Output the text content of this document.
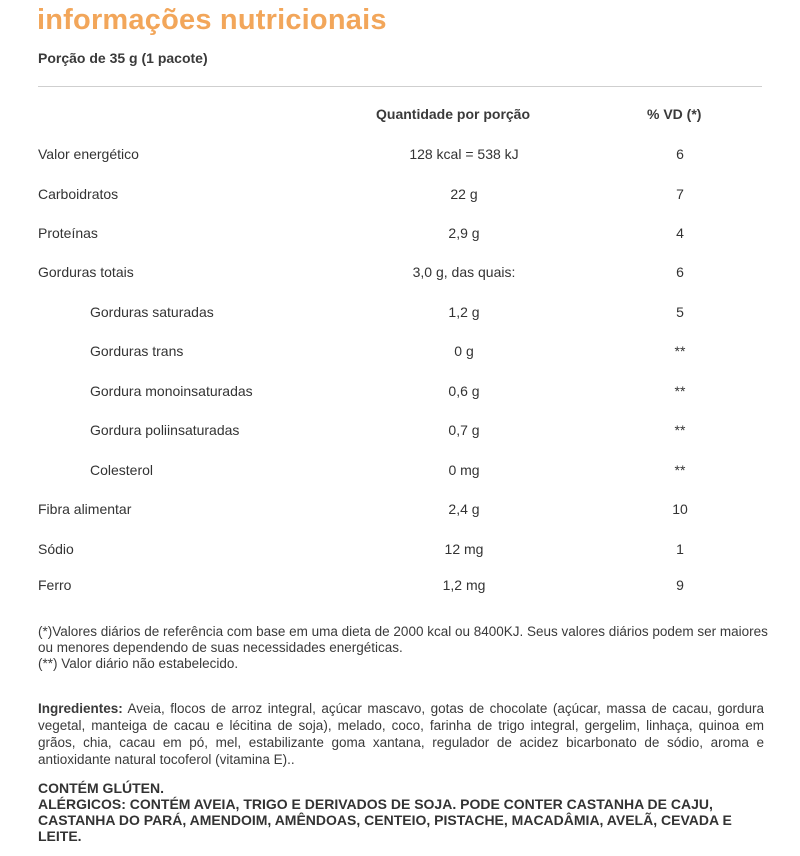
informações nutricionais
Porção de 35 g (1 pacote)
Quantidade por porção	% VD (*)
Valor energético	128 kcal = 538 kJ	6
Carboidratos	22 g	7
Proteínas	2,9 g	4
Gorduras totais	3,0 g, das quais:	6
Gorduras saturadas	1,2 g	5
Gorduras trans	0 g	**
Gordura monoinsaturadas	0,6 g	**
Gordura poliinsaturadas	0,7 g	**
Colesterol	0 mg	**
Fibra alimentar	2,4 g	10
Sódio	12 mg	1
Ferro	1,2 mg	9
(*)Valores diários de referência com base em uma dieta de 2000 kcal ou 8400KJ. Seus valores diários podem ser maiores ou menores dependendo de suas necessidades energéticas.
(**) Valor diário não estabelecido.
Ingredientes: Aveia, flocos de arroz integral, açúcar mascavo, gotas de chocolate (açúcar, massa de cacau, gordura vegetal, manteiga de cacau e lécitina de soja), melado, coco, farinha de trigo integral, gergelim, linhaça, quinoa em grãos, chia, cacau em pó, mel, estabilizante goma xantana, regulador de acidez bicarbonato de sódio, aroma e antioxidante natural tocoferol (vitamina E)..
CONTÉM GLÚTEN.
ALÉRGICOS: CONTÉM AVEIA, TRIGO E DERIVADOS DE SOJA. PODE CONTER CASTANHA DE CAJU, CASTANHA DO PARÁ, AMENDOIM, AMÊNDOAS, CENTEIO, PISTACHE, MACADÂMIA, AVELÃ, CEVADA E LEITE.
